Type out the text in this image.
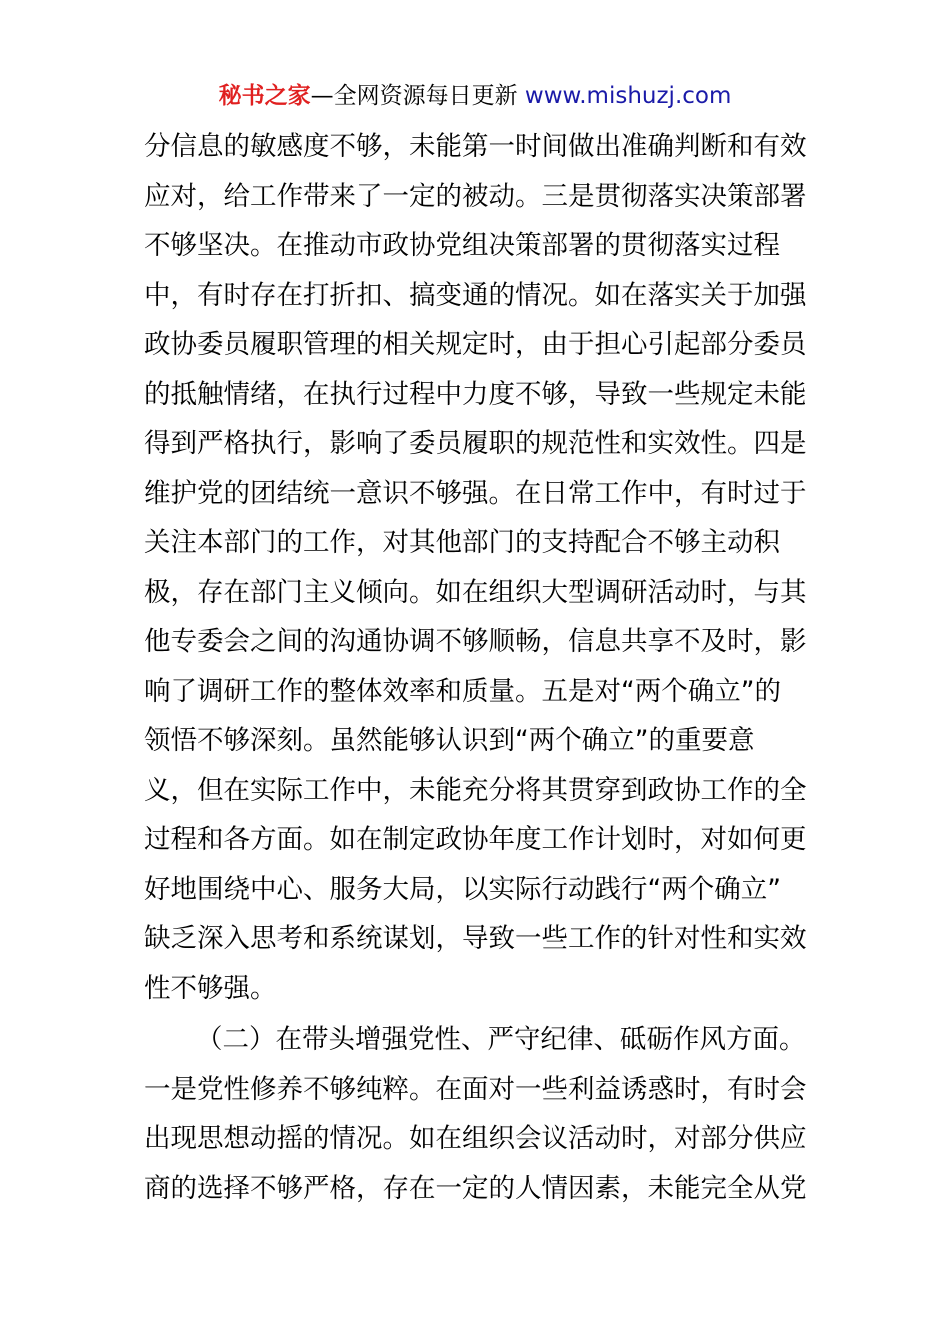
秘书之家—全网资源每日更新 www.mishuzj.com
分信息的敏感度不够，未能第一时间做出准确判断和有效
应对，给工作带来了一定的被动。三是贯彻落实决策部署
不够坚决。在推动市政协党组决策部署的贯彻落实过程
中，有时存在打折扣、搞变通的情况。如在落实关于加强
政协委员履职管理的相关规定时，由于担心引起部分委员
的抵触情绪，在执行过程中力度不够，导致一些规定未能
得到严格执行，影响了委员履职的规范性和实效性。四是
维护党的团结统一意识不够强。在日常工作中，有时过于
关注本部门的工作，对其他部门的支持配合不够主动积
极，存在部门主义倾向。如在组织大型调研活动时，与其
他专委会之间的沟通协调不够顺畅，信息共享不及时，影
响了调研工作的整体效率和质量。五是对“两个确立”的
领悟不够深刻。虽然能够认识到“两个确立”的重要意
义，但在实际工作中，未能充分将其贯穿到政协工作的全
过程和各方面。如在制定政协年度工作计划时，对如何更
好地围绕中心、服务大局，以实际行动践行“两个确立”
缺乏深入思考和系统谋划，导致一些工作的针对性和实效
性不够强。
（二）在带头增强党性、严守纪律、砥砺作风方面。
一是党性修养不够纯粹。在面对一些利益诱惑时，有时会
出现思想动摇的情况。如在组织会议活动时，对部分供应
商的选择不够严格，存在一定的人情因素，未能完全从党
